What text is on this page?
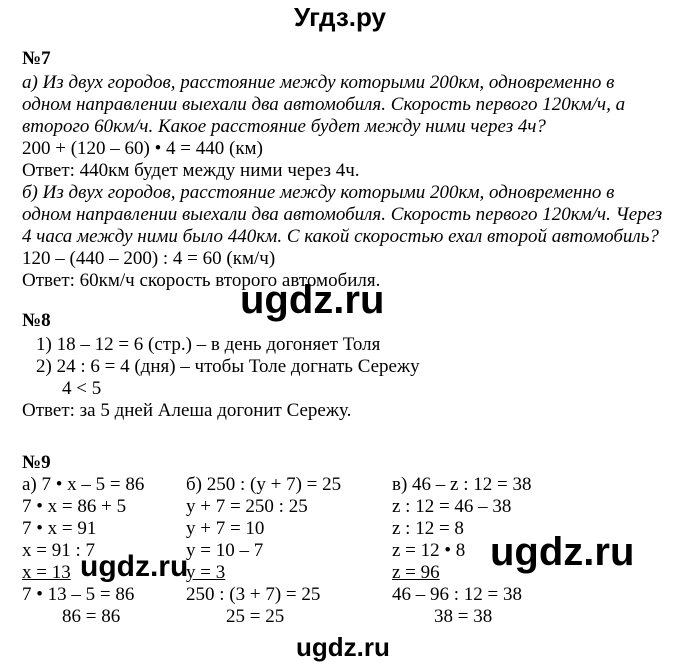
Угдз.ру
№7
а) Из двух городов, расстояние между которыми 200км, одновременно в
одном направлении выехали два автомобиля. Скорость первого 120км/ч, а
второго 60км/ч. Какое расстояние будет между ними через 4ч?
200 + (120 – 60) • 4 = 440 (км)
Ответ: 440км будет между ними через 4ч.
б) Из двух городов, расстояние между которыми 200км, одновременно в
одном направлении выехали два автомобиля. Скорость первого 120км/ч. Через
4 часа между ними было 440км. С какой скоростью ехал второй автомобиль?
120 – (440 – 200) : 4 = 60 (км/ч)
Ответ: 60км/ч скорость второго автомобиля.
ugdz.ru
№8
1) 18 – 12 = 6 (стр.) – в день догоняет Толя
2) 24 : 6 = 4 (дня) – чтобы Толе догнать Сережу
4 < 5
Ответ: за 5 дней Алеша догонит Сережу.
№9
а) 7 • х – 5 = 86
7 • х = 86 + 5
7 • х = 91
х = 91 : 7
х = 13
7 • 13 – 5 = 86
86 = 86
б) 250 : (у + 7) = 25
у + 7 = 250 : 25
у + 7 = 10
у = 10 – 7
у = 3
250 : (3 + 7) = 25
25 = 25
в) 46 – z : 12 = 38
z : 12 = 46 – 38
z : 12 = 8
z = 12 • 8
z = 96
46 – 96 : 12 = 38
38 = 38
ugdz.ru	ugdz.ru
ugdz.ru
